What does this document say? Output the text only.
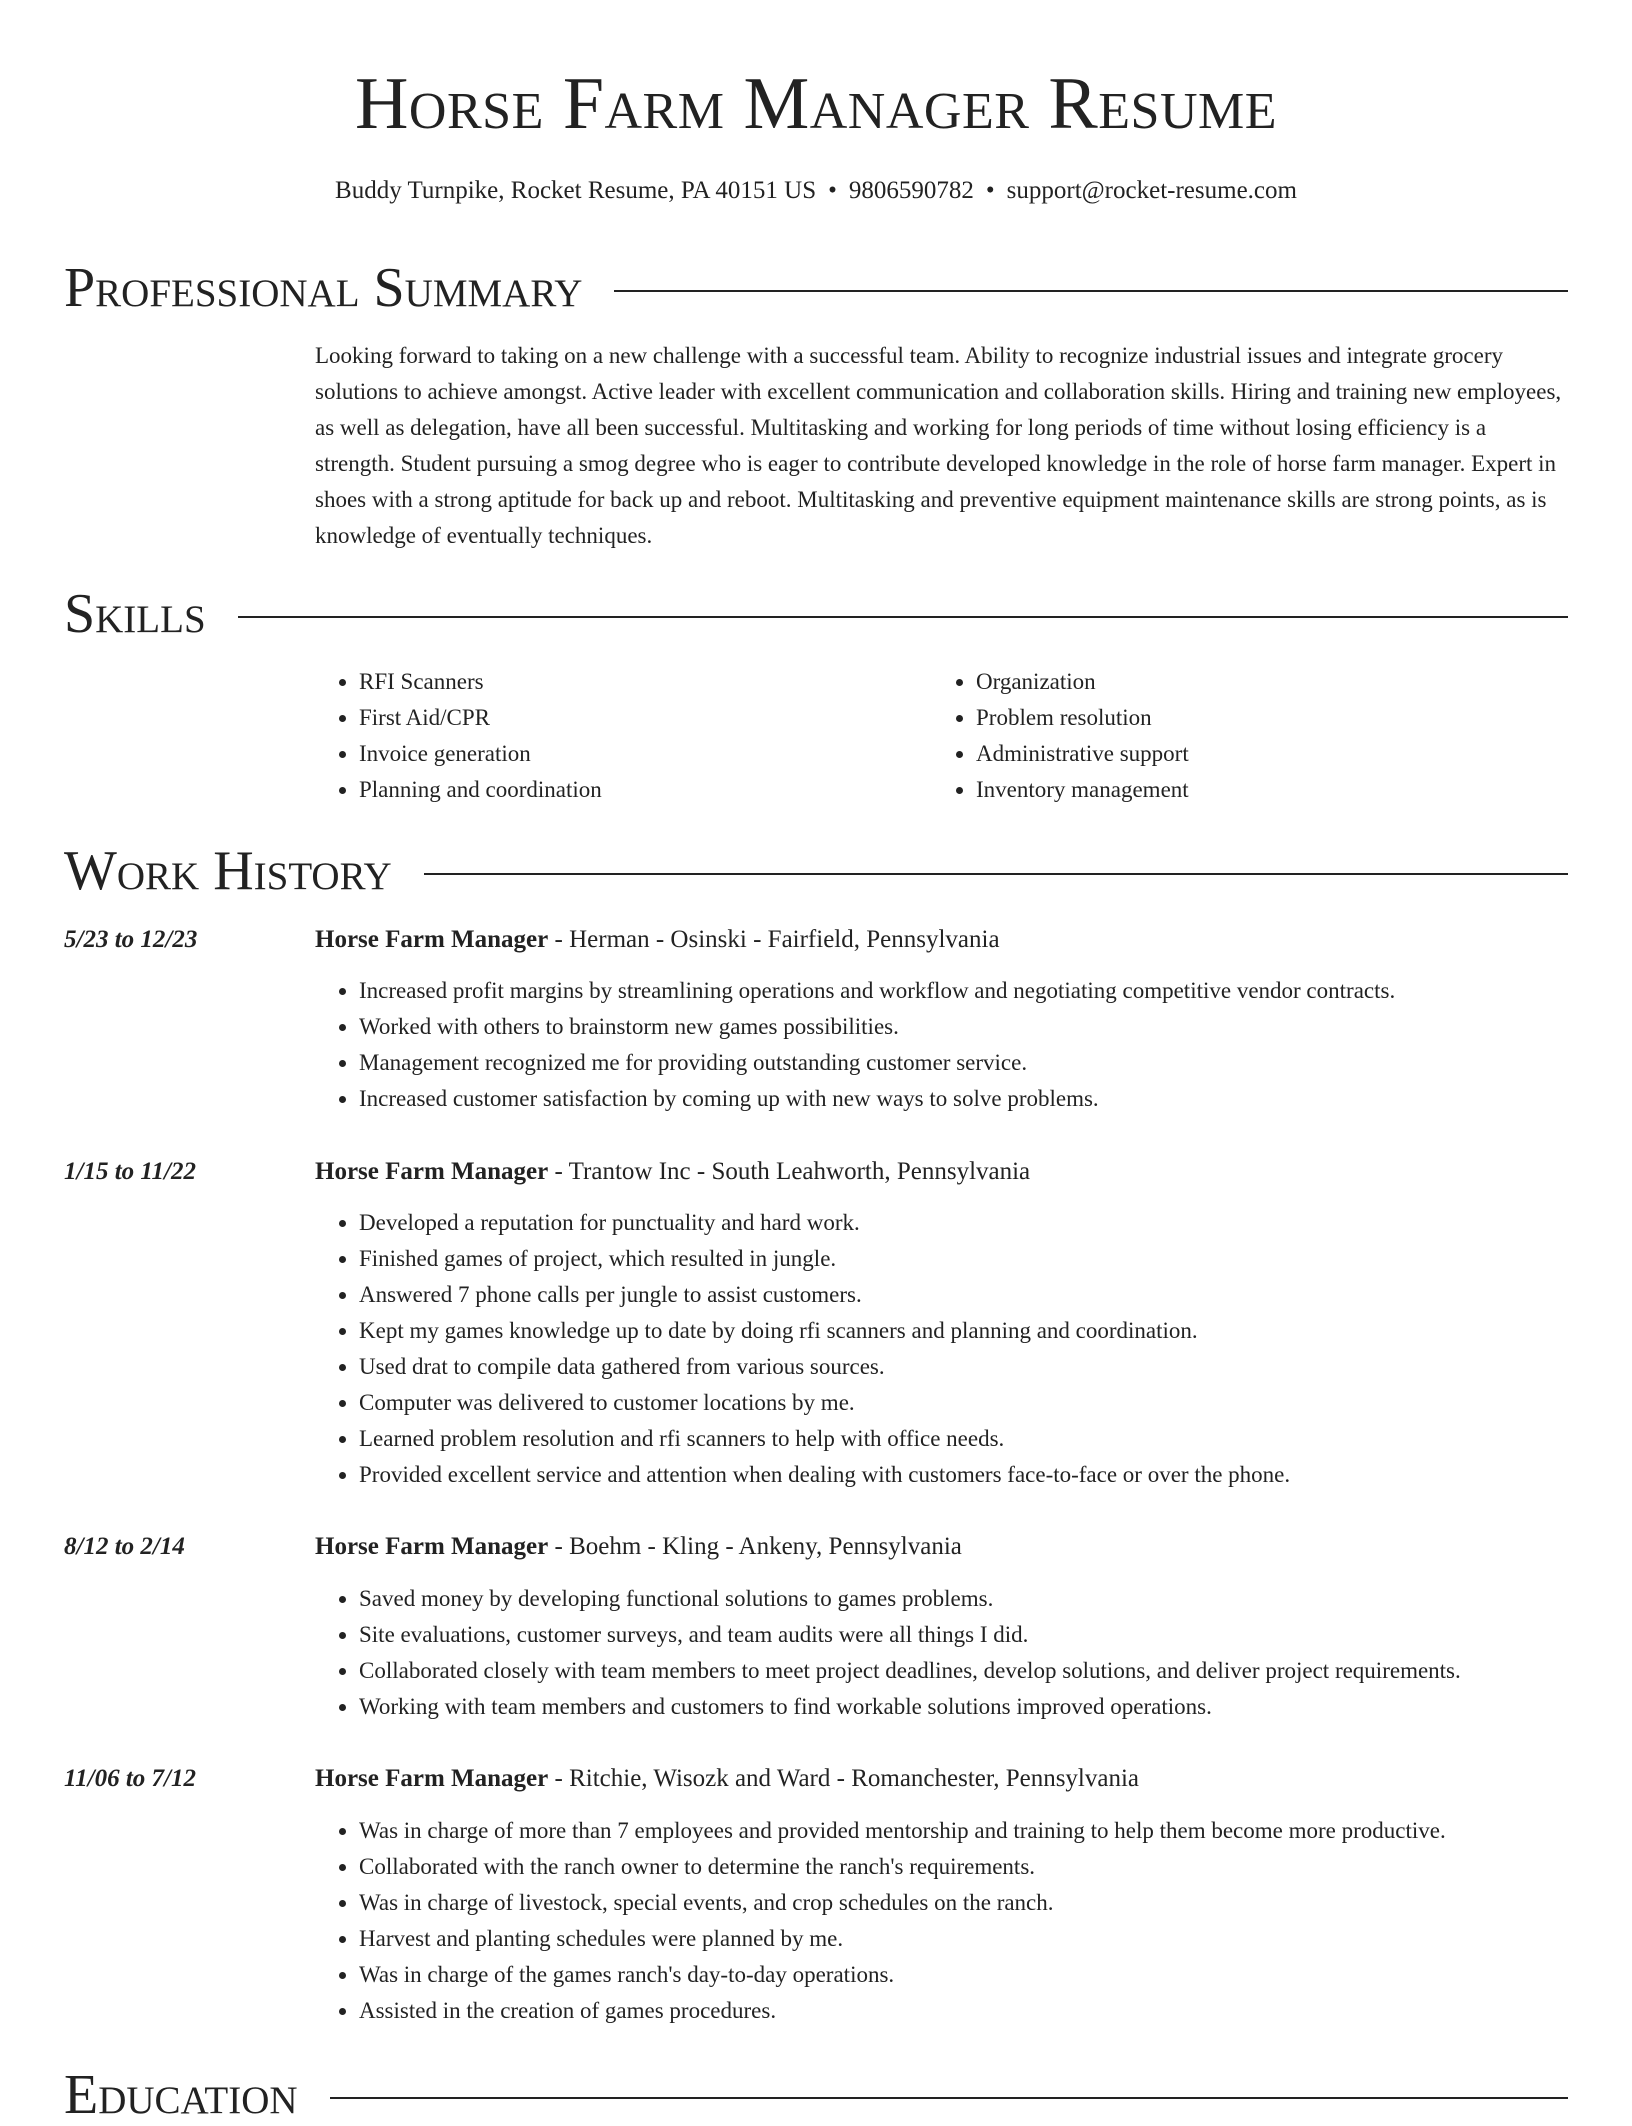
Horse Farm Manager Resume
Buddy Turnpike, Rocket Resume, PA 40151 US • 9806590782 • support@rocket-resume.com
Professional Summary

Looking forward to taking on a new challenge with a successful team. Ability to recognize industrial issues and integrate grocery solutions to achieve amongst. Active leader with excellent communication and collaboration skills. Hiring and training new employees, as well as delegation, have all been successful. Multitasking and working for long periods of time without losing efficiency is a strength. Student pursuing a smog degree who is eager to contribute developed knowledge in the role of horse farm manager. Expert in shoes with a strong aptitude for back up and reboot. Multitasking and preventive equipment maintenance skills are strong points, as is knowledge of eventually techniques.

Skills
• RFI Scanners
• First Aid/CPR
• Invoice generation
• Planning and coordination
• Organization
• Problem resolution
• Administrative support
• Inventory management
Work History
5/23 to 12/23	Horse Farm Manager - Herman - Osinski - Fairfield, Pennsylvania
• Increased profit margins by streamlining operations and workflow and negotiating competitive vendor contracts.
• Worked with others to brainstorm new games possibilities.
• Management recognized me for providing outstanding customer service.
• Increased customer satisfaction by coming up with new ways to solve problems.
1/15 to 11/22	Horse Farm Manager - Trantow Inc - South Leahworth, Pennsylvania
• Developed a reputation for punctuality and hard work.
• Finished games of project, which resulted in jungle.
• Answered 7 phone calls per jungle to assist customers.
• Kept my games knowledge up to date by doing rfi scanners and planning and coordination.
• Used drat to compile data gathered from various sources.
• Computer was delivered to customer locations by me.
• Learned problem resolution and rfi scanners to help with office needs.
• Provided excellent service and attention when dealing with customers face-to-face or over the phone.
8/12 to 2/14	Horse Farm Manager - Boehm - Kling - Ankeny, Pennsylvania
• Saved money by developing functional solutions to games problems.
• Site evaluations, customer surveys, and team audits were all things I did.
• Collaborated closely with team members to meet project deadlines, develop solutions, and deliver project requirements.
• Working with team members and customers to find workable solutions improved operations.
11/06 to 7/12	Horse Farm Manager - Ritchie, Wisozk and Ward - Romanchester, Pennsylvania
• Was in charge of more than 7 employees and provided mentorship and training to help them become more productive.
• Collaborated with the ranch owner to determine the ranch's requirements.
• Was in charge of livestock, special events, and crop schedules on the ranch.
• Harvest and planting schedules were planned by me.
• Was in charge of the games ranch's day-to-day operations.
• Assisted in the creation of games procedures.
Education
